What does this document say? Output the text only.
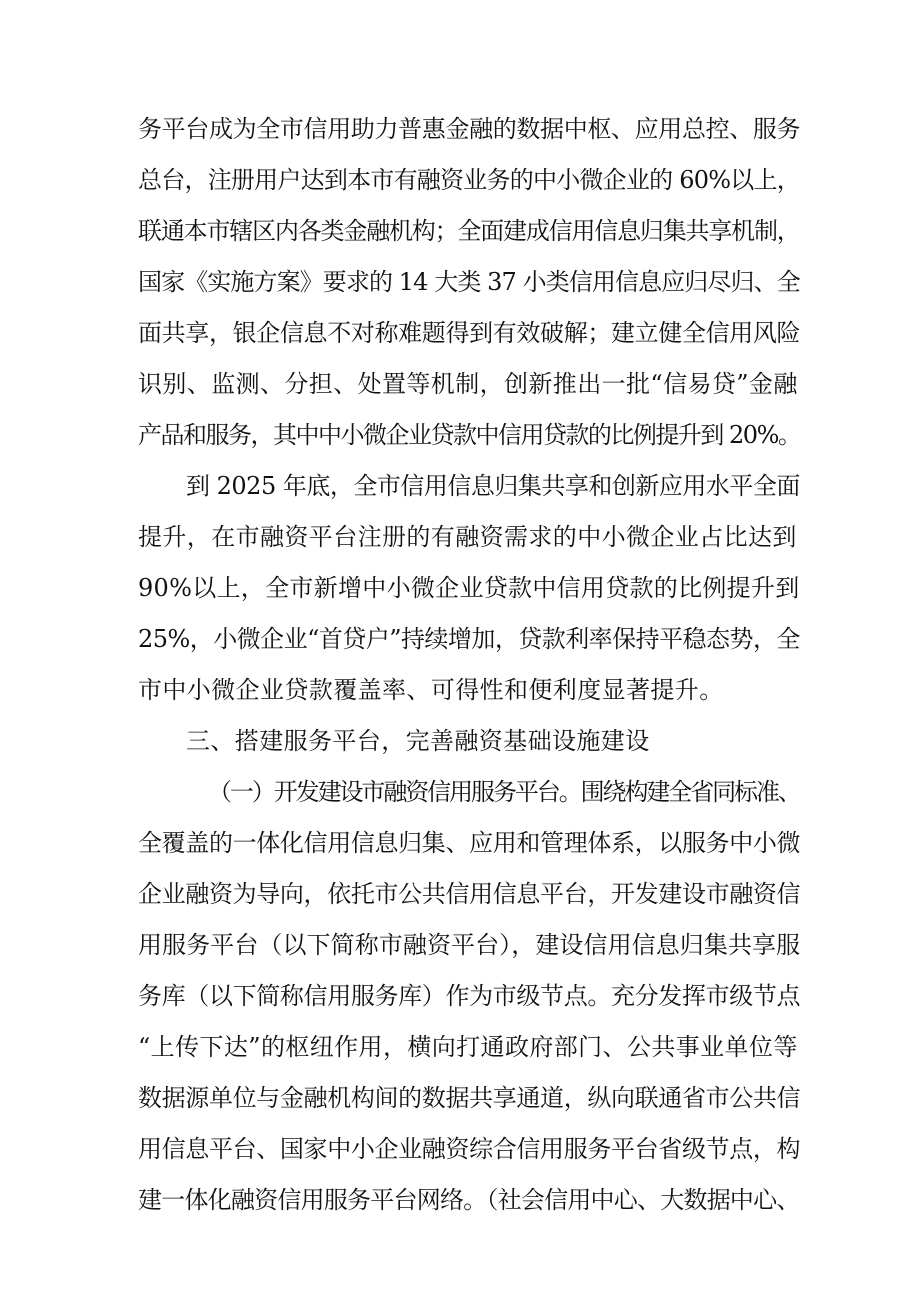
务平台成为全市信用助力普惠金融的数据中枢、应用总控、服务
总台，注册用户达到本市有融资业务的中小微企业的 60%以上，
联通本市辖区内各类金融机构；全面建成信用信息归集共享机制，
国家《实施方案》要求的 14 大类 37 小类信用信息应归尽归、全
面共享，银企信息不对称难题得到有效破解；建立健全信用风险
识别、监测、分担、处置等机制，创新推出一批“信易贷”金融
产品和服务，其中中小微企业贷款中信用贷款的比例提升到 20%。
到 2025 年底，全市信用信息归集共享和创新应用水平全面
提升，在市融资平台注册的有融资需求的中小微企业占比达到
90%以上，全市新增中小微企业贷款中信用贷款的比例提升到
25%，小微企业“首贷户”持续增加，贷款利率保持平稳态势，全
市中小微企业贷款覆盖率、可得性和便利度显著提升。
三、搭建服务平台，完善融资基础设施建设
（一）开发建设市融资信用服务平台。围绕构建全省同标准、
全覆盖的一体化信用信息归集、应用和管理体系，以服务中小微
企业融资为导向，依托市公共信用信息平台，开发建设市融资信
用服务平台（以下简称市融资平台），建设信用信息归集共享服
务库（以下简称信用服务库）作为市级节点。充分发挥市级节点
“上传下达”的枢纽作用，横向打通政府部门、公共事业单位等
数据源单位与金融机构间的数据共享通道，纵向联通省市公共信
用信息平台、国家中小企业融资综合信用服务平台省级节点，构
建一体化融资信用服务平台网络。（社会信用中心、大数据中心、
